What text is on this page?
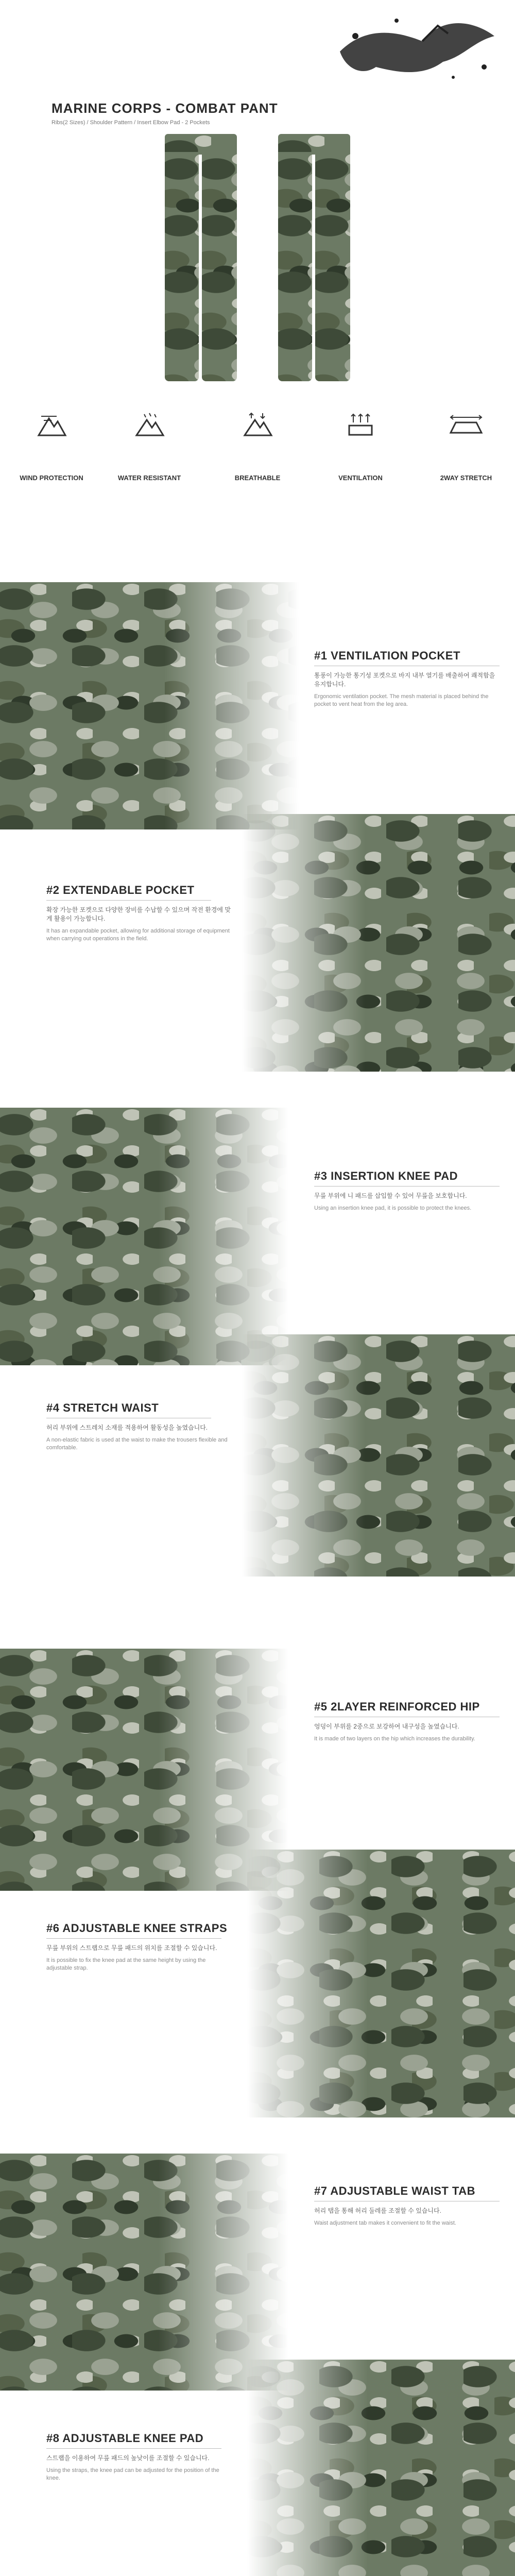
MARINE CORPS - COMBAT PANT
Ribs(2 Sizes) / Shoulder Pattern / Insert Elbow Pad - 2 Pockets
WIND PROTECTION	WATER RESISTANT	BREATHABLE	VENTILATION	2WAY STRETCH
#1 VENTILATION POCKET
통풍이 가능한 통기성 포켓으로 바지 내부 열기를 배출하여 쾌적함을 유지합니다.
Ergonomic ventilation pocket. The mesh material is placed behind the pocket to vent heat from the leg area.
#2 EXTENDABLE POCKET
확장 가능한 포켓으로 다양한 장비를 수납할 수 있으며 작전 환경에 맞게 활용이 가능합니다.
It has an expandable pocket, allowing for additional storage of equipment when carrying out operations in the field.
#3 INSERTION KNEE PAD
무릎 부위에 니 패드를 삽입할 수 있어 무릎을 보호합니다.
Using an insertion knee pad, it is possible to protect the knees.
#4 STRETCH WAIST
허리 부위에 스트레치 소재를 적용하여 활동성을 높였습니다.
A non-elastic fabric is used at the waist to make the trousers flexible and comfortable.
#5 2LAYER REINFORCED HIP
엉덩이 부위를 2중으로 보강하여 내구성을 높였습니다.
It is made of two layers on the hip which increases the durability.
#6 ADJUSTABLE KNEE STRAPS
무릎 부위의 스트랩으로 무릎 패드의 위치를 조절할 수 있습니다.
It is possible to fix the knee pad at the same height by using the adjustable strap.
#7 ADJUSTABLE WAIST TAB
허리 탭을 통해 허리 둘레를 조절할 수 있습니다.
Waist adjustment tab makes it convenient to fit the waist.
#8 ADJUSTABLE KNEE PAD
스트랩을 이용하여 무릎 패드의 높낮이를 조절할 수 있습니다.
Using the straps, the knee pad can be adjusted for the position of the knee.
